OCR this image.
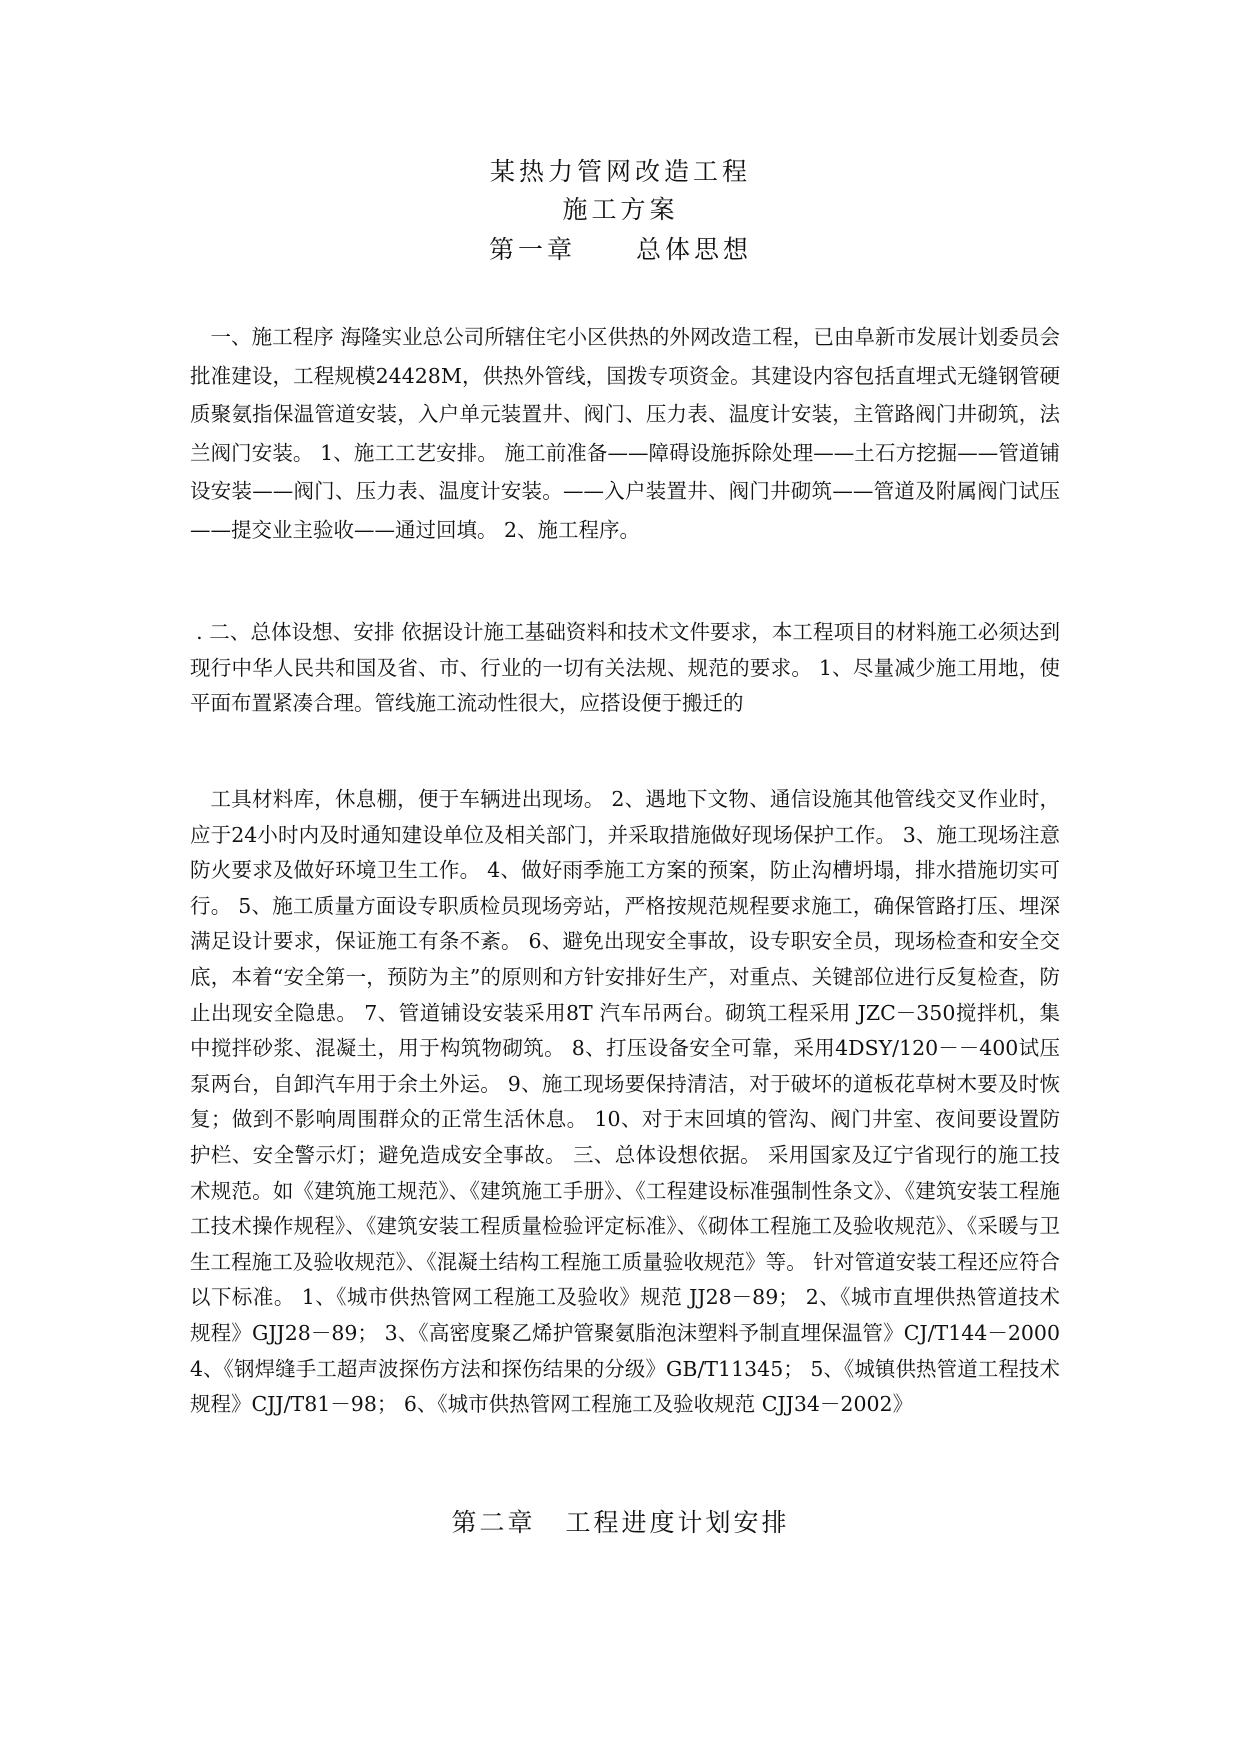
某热力管网改造工程
施工方案
第一章 总体思想

一、施工程序 海隆实业总公司所辖住宅小区供热的外网改造工程，已由阜新市发展计划委员会批准建设，工程规模24428M，供热外管线，国拨专项资金。其建设内容包括直埋式无缝钢管硬质聚氨指保温管道安装，入户单元装置井、阀门、压力表、温度计安装，主管路阀门井砌筑，法兰阀门安装。 1、施工工艺安排。 施工前准备——障碍设施拆除处理——土石方挖掘——管道铺设安装——阀门、压力表、温度计安装。——入户装置井、阀门井砌筑——管道及附属阀门试压——提交业主验收——通过回填。 2、施工程序。

. 二、总体设想、安排 依据设计施工基础资料和技术文件要求，本工程项目的材料施工必须达到现行中华人民共和国及省、市、行业的一切有关法规、规范的要求。 1、尽量减少施工用地，使平面布置紧凑合理。管线施工流动性很大，应搭设便于搬迁的

工具材料库，休息棚，便于车辆进出现场。 2、遇地下文物、通信设施其他管线交叉作业时，应于24小时内及时通知建设单位及相关部门，并采取措施做好现场保护工作。 3、施工现场注意防火要求及做好环境卫生工作。 4、做好雨季施工方案的预案，防止沟槽坍塌，排水措施切实可行。 5、施工质量方面设专职质检员现场旁站，严格按规范规程要求施工，确保管路打压、埋深满足设计要求，保证施工有条不紊。 6、避免出现安全事故，设专职安全员，现场检查和安全交底，本着“安全第一，预防为主”的原则和方针安排好生产，对重点、关键部位进行反复检查，防止出现安全隐患。 7、管道铺设安装采用8T 汽车吊两台。砌筑工程采用 JZC－350搅拌机，集中搅拌砂浆、混凝土，用于构筑物砌筑。 8、打压设备安全可靠，采用4DSY/120－－400试压泵两台，自卸汽车用于余土外运。 9、施工现场要保持清洁，对于破坏的道板花草树木要及时恢复；做到不影响周围群众的正常生活休息。 10、对于末回填的管沟、阀门井室、夜间要设置防护栏、安全警示灯；避免造成安全事故。 三、总体设想依据。 采用国家及辽宁省现行的施工技术规范。如《建筑施工规范》、《建筑施工手册》、《工程建设标准强制性条文》、《建筑安装工程施工技术操作规程》、《建筑安装工程质量检验评定标准》、《砌体工程施工及验收规范》、《采暖与卫生工程施工及验收规范》、《混凝土结构工程施工质量验收规范》等。 针对管道安装工程还应符合以下标准。 1、《城市供热管网工程施工及验收》规范 JJ28－89； 2、《城市直埋供热管道技术规程》GJJ28－89； 3、《高密度聚乙烯护管聚氨脂泡沫塑料予制直埋保温管》CJ/T144－2000 4、《钢焊缝手工超声波探伤方法和探伤结果的分级》GB/T11345； 5、《城镇供热管道工程技术规程》CJJ/T81－98； 6、《城市供热管网工程施工及验收规范 CJJ34－2002》

第二章 工程进度计划安排
